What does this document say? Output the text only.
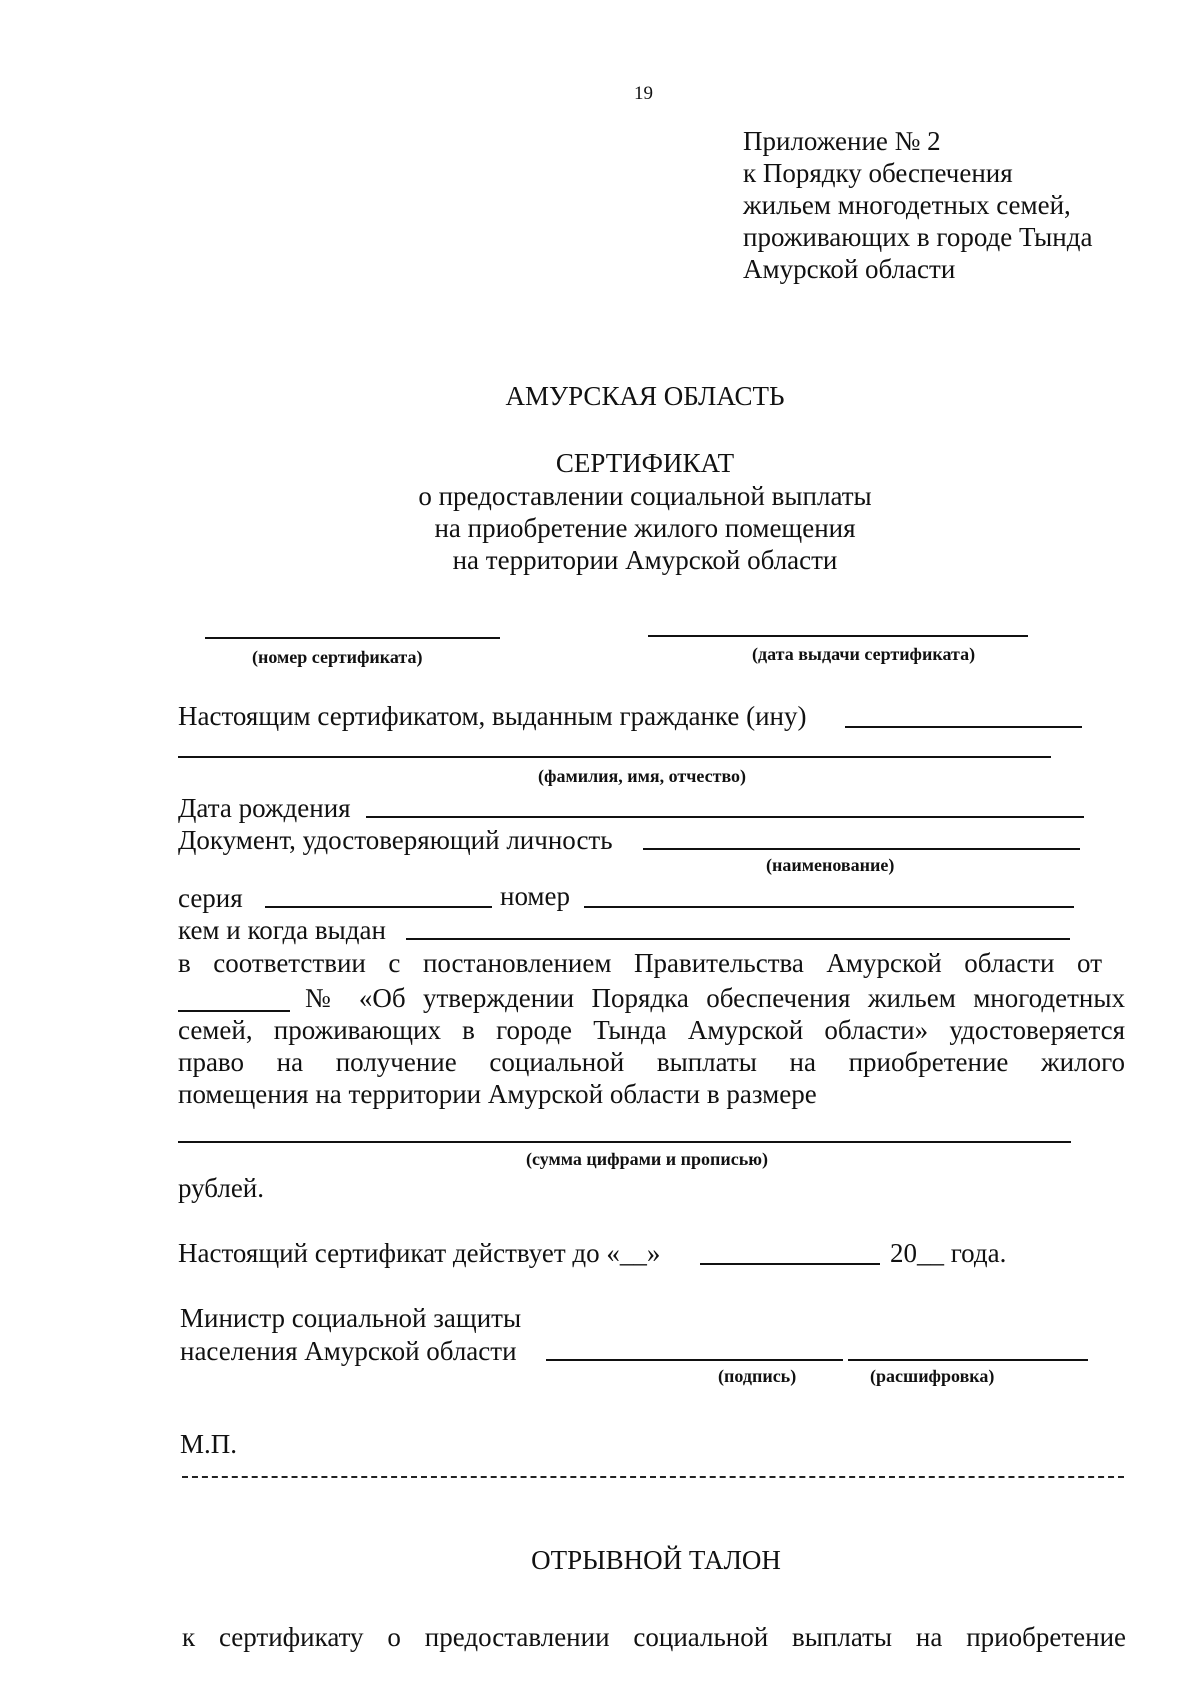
19
Приложение № 2
к Порядку обеспечения
жильем многодетных семей,
проживающих в городе Тында
Амурской области
АМУРСКАЯ ОБЛАСТЬ
СЕРТИФИКАТ
о предоставлении социальной выплаты
на приобретение жилого помещения
на территории Амурской области
(номер сертификата)	(дата выдачи сертификата)
Настоящим сертификатом, выданным гражданке (ину)
(фамилия, имя, отчество)
Дата рождения
Документ, удостоверяющий личность
(наименование)
серия	номер
кем и когда выдан
в соответствии с постановлением Правительства Амурской области от
№ «Об утверждении Порядка обеспечения жильем многодетных
семей, проживающих в городе Тында Амурской области» удостоверяется
право на получение социальной выплаты на приобретение жилого
помещения на территории Амурской области в размере
(сумма цифрами и прописью)
рублей.
Настоящий сертификат действует до «__»	20__ года.
Министр социальной защиты
населения Амурской области
(подпись)	(расшифровка)
М.П.
ОТРЫВНОЙ ТАЛОН
к сертификату о предоставлении социальной выплаты на приобретение
